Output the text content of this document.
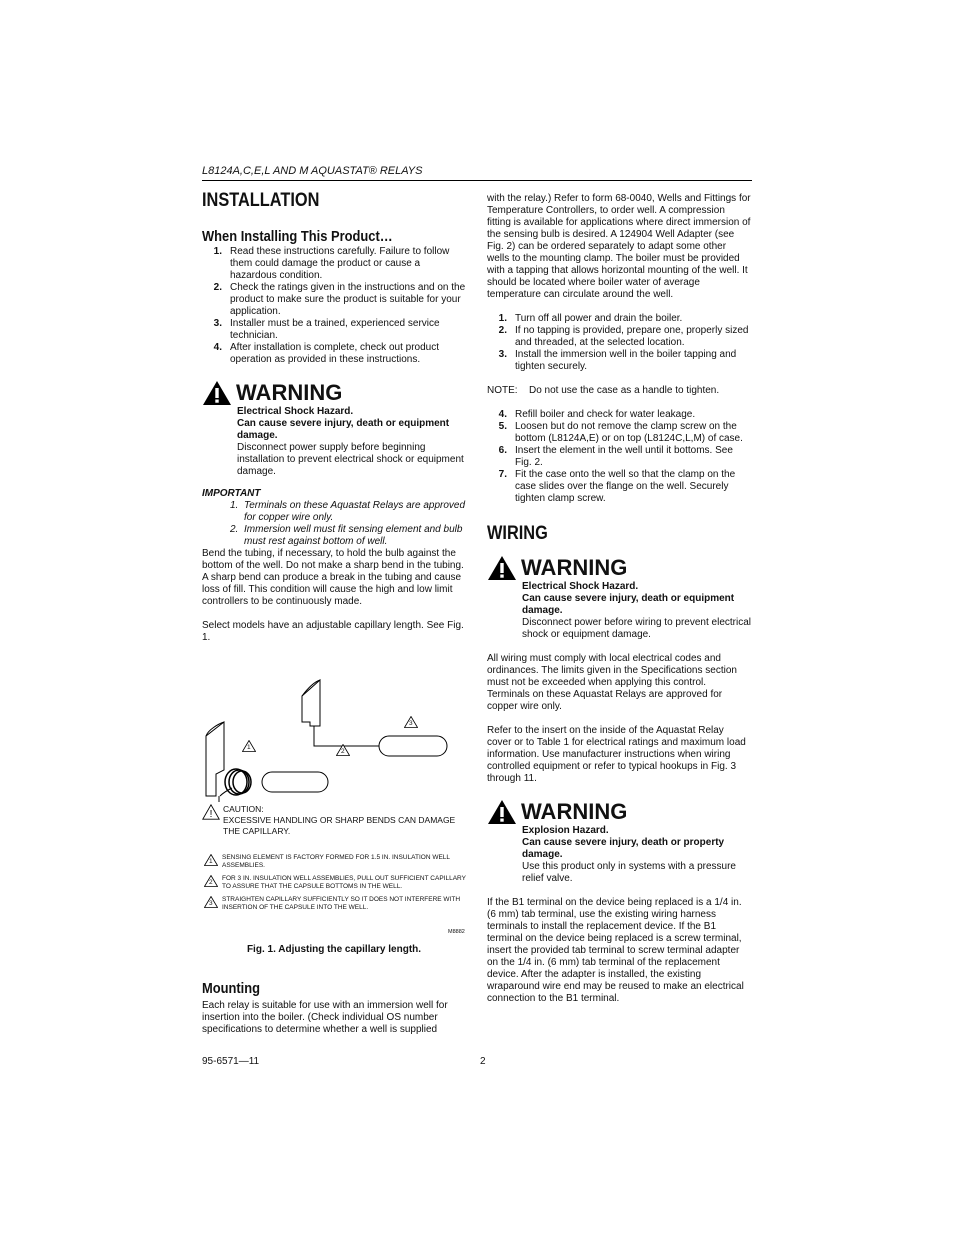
L8124A,C,E,L AND M AQUASTAT® RELAYS
INSTALLATION
When Installing This Product…
1. Read these instructions carefully. Failure to follow them could damage the product or cause a hazardous condition.
2. Check the ratings given in the instructions and on the product to make sure the product is suitable for your application.
3. Installer must be a trained, experienced service technician.
4. After installation is complete, check out product operation as provided in these instructions.
WARNING

Electrical Shock Hazard.

Can cause severe injury, death or equipment damage.

Disconnect power supply before beginning installation to prevent electrical shock or equipment damage.

IMPORTANT

1. Terminals on these Aquastat Relays are approved for copper wire only.
2. Immersion well must fit sensing element and bulb must rest against bottom of well.

Bend the tubing, if necessary, to hold the bulb against the bottom of the well. Do not make a sharp bend in the tubing. A sharp bend can produce a break in the tubing and cause loss of fill. This condition will cause the high and low limit controllers to be continuously made.

Select models have an adjustable capillary length. See Fig. 1.

1
2
3
! CAUTION:

EXCESSIVE HANDLING OR SHARP BENDS CAN DAMAGE THE CAPILLARY.

1
SENSING ELEMENT IS FACTORY FORMED FOR 1.5 IN. INSULATION WELL ASSEMBLIES.
2
FOR 3 IN. INSULATION WELL ASSEMBLIES, PULL OUT SUFFICIENT CAPILLARY TO ASSURE THAT THE CAPSULE BOTTOMS IN THE WELL.
3
STRAIGHTEN CAPILLARY SUFFICIENTLY SO IT DOES NOT INTERFERE WITH INSERTION OF THE CAPSULE INTO THE WELL.
M8882
Fig. 1. Adjusting the capillary length.
Mounting

Each relay is suitable for use with an immersion well for insertion into the boiler. (Check individual OS number specifications to determine whether a well is supplied

with the relay.) Refer to form 68-0040, Wells and Fittings for Temperature Controllers, to order well. A compression fitting is available for applications where direct immersion of the sensing bulb is desired. A 124904 Well Adapter (see Fig. 2) can be ordered separately to adapt some other wells to the mounting clamp. The boiler must be provided with a tapping that allows horizontal mounting of the well. It should be located where boiler water of average temperature can circulate around the well.

1. Turn off all power and drain the boiler.
2. If no tapping is provided, prepare one, properly sized and threaded, at the selected location.
3. Install the immersion well in the boiler tapping and tighten securely.
NOTE:	Do not use the case as a handle to tighten.
4. Refill boiler and check for water leakage.
5. Loosen but do not remove the clamp screw on the bottom (L8124A,E) or on top (L8124C,L,M) of case.
6. Insert the element in the well until it bottoms. See Fig. 2.
7. Fit the case onto the well so that the clamp on the case slides over the flange on the well. Securely tighten clamp screw.
WIRING
WARNING

Electrical Shock Hazard.

Can cause severe injury, death or equipment damage.

Disconnect power before wiring to prevent electrical shock or equipment damage.

All wiring must comply with local electrical codes and ordinances. The limits given in the Specifications section must not be exceeded when applying this control. Terminals on these Aquastat Relays are approved for copper wire only.

Refer to the insert on the inside of the Aquastat Relay cover or to Table 1 for electrical ratings and maximum load information. Use manufacturer instructions when wiring controlled equipment or refer to typical hookups in Fig. 3 through 11.

WARNING

Explosion Hazard.

Can cause severe injury, death or property damage.

Use this product only in systems with a pressure relief valve.

If the B1 terminal on the device being replaced is a 1/4 in. (6 mm) tab terminal, use the existing wiring harness terminals to install the replacement device. If the B1 terminal on the device being replaced is a screw terminal, insert the provided tab terminal to screw terminal adapter on the 1/4 in. (6 mm) tab terminal of the replacement device. After the adapter is installed, the existing wraparound wire end may be reused to make an electrical connection to the B1 terminal.

95-6571—11	2
